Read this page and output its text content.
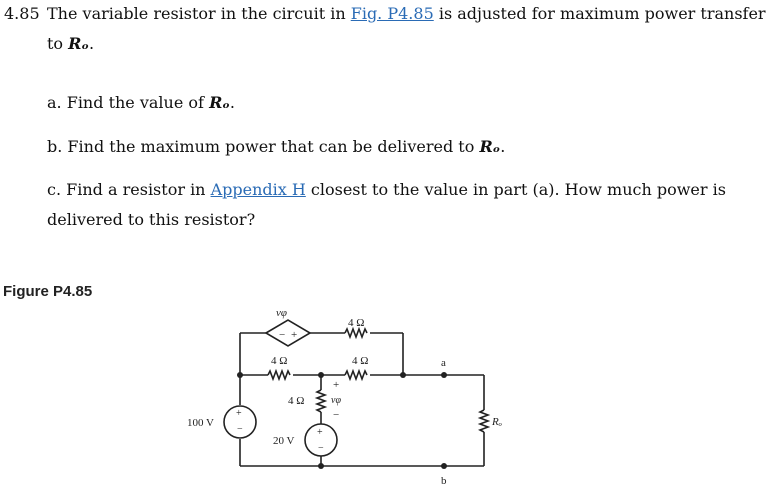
4.85 The variable resistor in the circuit in Fig. P4.85 is adjusted for maximum power transfer
to Rₒ.
a. Find the value of Rₒ.
b. Find the maximum power that can be delivered to Rₒ.
c. Find a resistor in Appendix H closest to the value in part (a). How much power is
delivered to this resistor?
Figure P4.85
vφ
− +
4 Ω
4 Ω	4 Ω
4 Ω
+
vφ
−
100 V
+
−
20 V
+
−
a
b
Rₒ
